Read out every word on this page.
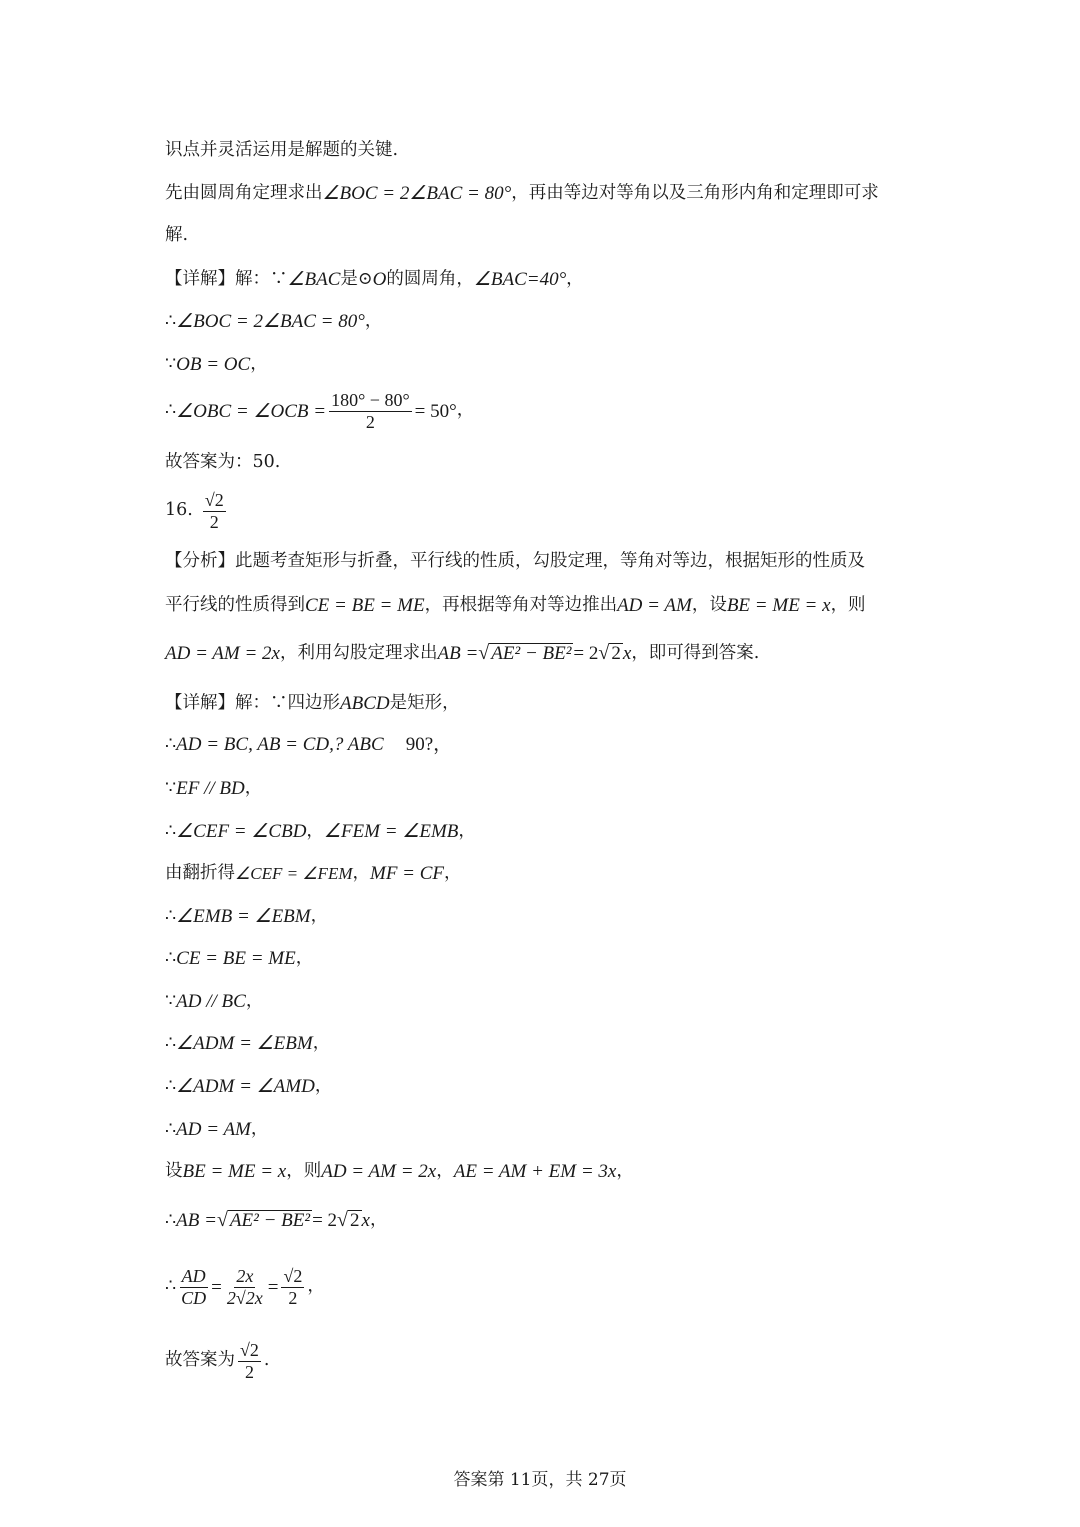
识点并灵活运用是解题的关键.
先由圆周角定理求出 ∠BOC = 2∠BAC = 80° ，再由等边对等角以及三角形内角和定理即可求
解.
【详解】解：∵ ∠BAC 是⊙ O 的圆周角， ∠BAC=40° ，
∴ ∠BOC = 2∠BAC = 80° ，
∵ OB = OC ，
∴ ∠OBC = ∠OCB = $\frac{180^\circ - 80^\circ}{2} = 50^\circ$ ，
故答案为：50.
16. $\frac{√2}{2}$
【分析】此题考查矩形与折叠，平行线的性质，勾股定理，等角对等边，根据矩形的性质及
平行线的性质得到 CE = BE = ME ，再根据等角对等边推出 AD = AM ，设 BE = ME = x ，则
AD = AM = 2x ，利用勾股定理求出 AB = √ AE² − BE² = 2 √ 2 x ，即可得到答案.
【详解】解：∵四边形 ABCD 是矩形，
∴ AD = BC, AB = CD,? ABC 90?，
∵ EF // BD ，
∴ ∠CEF = ∠CBD ， ∠FEM = ∠EMB ，
由翻折得 ∠CEF = ∠FEM ， MF = CF ，
∴ ∠EMB = ∠EBM ，
∴ CE = BE = ME ，
∵ AD // BC ，
∴ ∠ADM = ∠EBM ，
∴ ∠ADM = ∠AMD ，
∴ AD = AM ，
设 BE = ME = x ，则 AD = AM = 2x ， AE = AM + EM = 3x ，
∴ AB = √ AE² − BE² = 2 √ 2 x ，
∴ $\frac{AD}{CD} = \frac{2x}{2√2x} = \frac{√2}{2}$ ，
故答案为 $\frac{√2}{2}$ .
答案第 11页，共 27页
